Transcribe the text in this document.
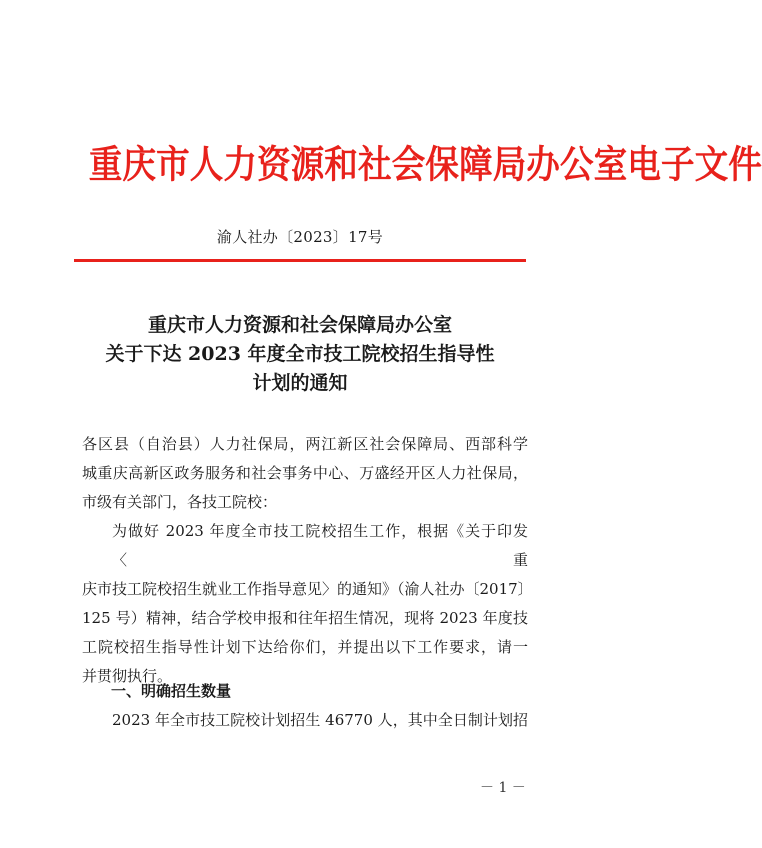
重庆市人力资源和社会保障局办公室电子文件
渝人社办〔2023〕17号
重庆市人力资源和社会保障局办公室
关于下达 2023 年度全市技工院校招生指导性
计划的通知
各区县（自治县）人力社保局，两江新区社会保障局、西部科学
城重庆高新区政务服务和社会事务中心、万盛经开区人力社保局，
市级有关部门，各技工院校：
为做好 2023 年度全市技工院校招生工作，根据《关于印发〈重
庆市技工院校招生就业工作指导意见〉的通知》（渝人社办〔2017〕
125 号）精神，结合学校申报和往年招生情况，现将 2023 年度技
工院校招生指导性计划下达给你们，并提出以下工作要求，请一
并贯彻执行。
一、明确招生数量
2023 年全市技工院校计划招生 46770 人，其中全日制计划招
－ 1 －
